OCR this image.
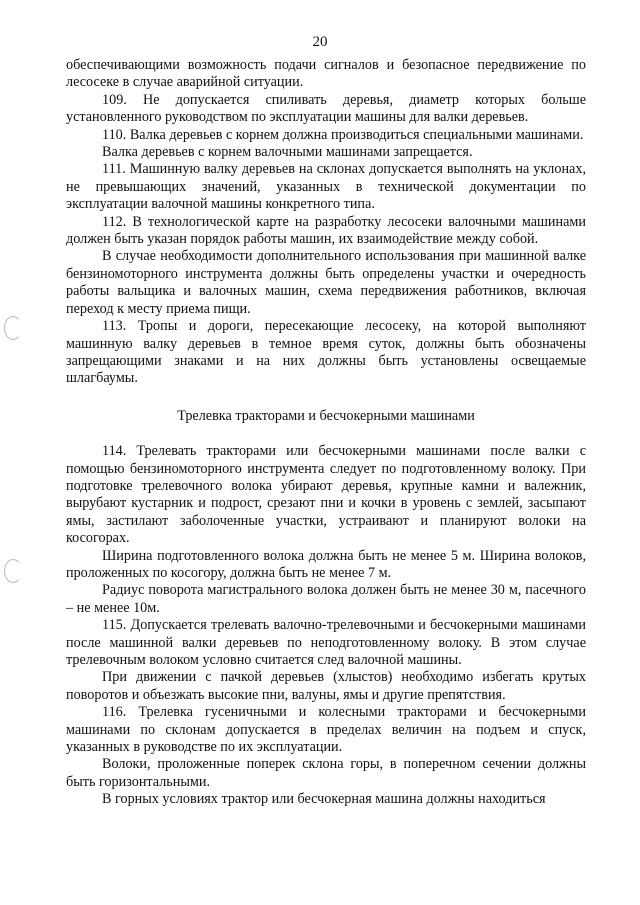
20

обеспечивающими возможность подачи сигналов и безопасное передвижение по лесосеке в случае аварийной ситуации.

109. Не допускается спиливать деревья, диаметр которых больше установленного руководством по эксплуатации машины для валки деревьев.

110. Валка деревьев с корнем должна производиться специальными машинами.

Валка деревьев с корнем валочными машинами запрещается.

111. Машинную валку деревьев на склонах допускается выполнять на уклонах, не превышающих значений, указанных в технической документации по эксплуатации валочной машины конкретного типа.

112. В технологической карте на разработку лесосеки валочными машинами должен быть указан порядок работы машин, их взаимодействие между собой.

В случае необходимости дополнительного использования при машинной валке бензиномоторного инструмента должны быть определены участки и очередность работы вальщика и валочных машин, схема передвижения работников, включая переход к месту приема пищи.

113. Тропы и дороги, пересекающие лесосеку, на которой выполняют машинную валку деревьев в темное время суток, должны быть обозначены запрещающими знаками и на них должны быть установлены освещаемые шлагбаумы.

Трелевка тракторами и бесчокерными машинами

114. Трелевать тракторами или бесчокерными машинами после валки с помощью бензиномоторного инструмента следует по подготовленному волоку. При подготовке трелевочного волока убирают деревья, крупные камни и валежник, вырубают кустарник и подрост, срезают пни и кочки в уровень с землей, засыпают ямы, застилают заболоченные участки, устраивают и планируют волоки на косогорах.

Ширина подготовленного волока должна быть не менее 5 м. Ширина волоков, проложенных по косогору, должна быть не менее 7 м.

Радиус поворота магистрального волока должен быть не менее 30 м, пасечного – не менее 10м.

115. Допускается трелевать валочно-трелевочными и бесчокерными машинами после машинной валки деревьев по неподготовленному волоку. В этом случае трелевочным волоком условно считается след валочной машины.

При движении с пачкой деревьев (хлыстов) необходимо избегать крутых поворотов и объезжать высокие пни, валуны, ямы и другие препятствия.

116. Трелевка гусеничными и колесными тракторами и бесчокерными машинами по склонам допускается в пределах величин на подъем и спуск, указанных в руководстве по их эксплуатации.

Волоки, проложенные поперек склона горы, в поперечном сечении должны быть горизонтальными.

В горных условиях трактор или бесчокерная машина должны находиться
